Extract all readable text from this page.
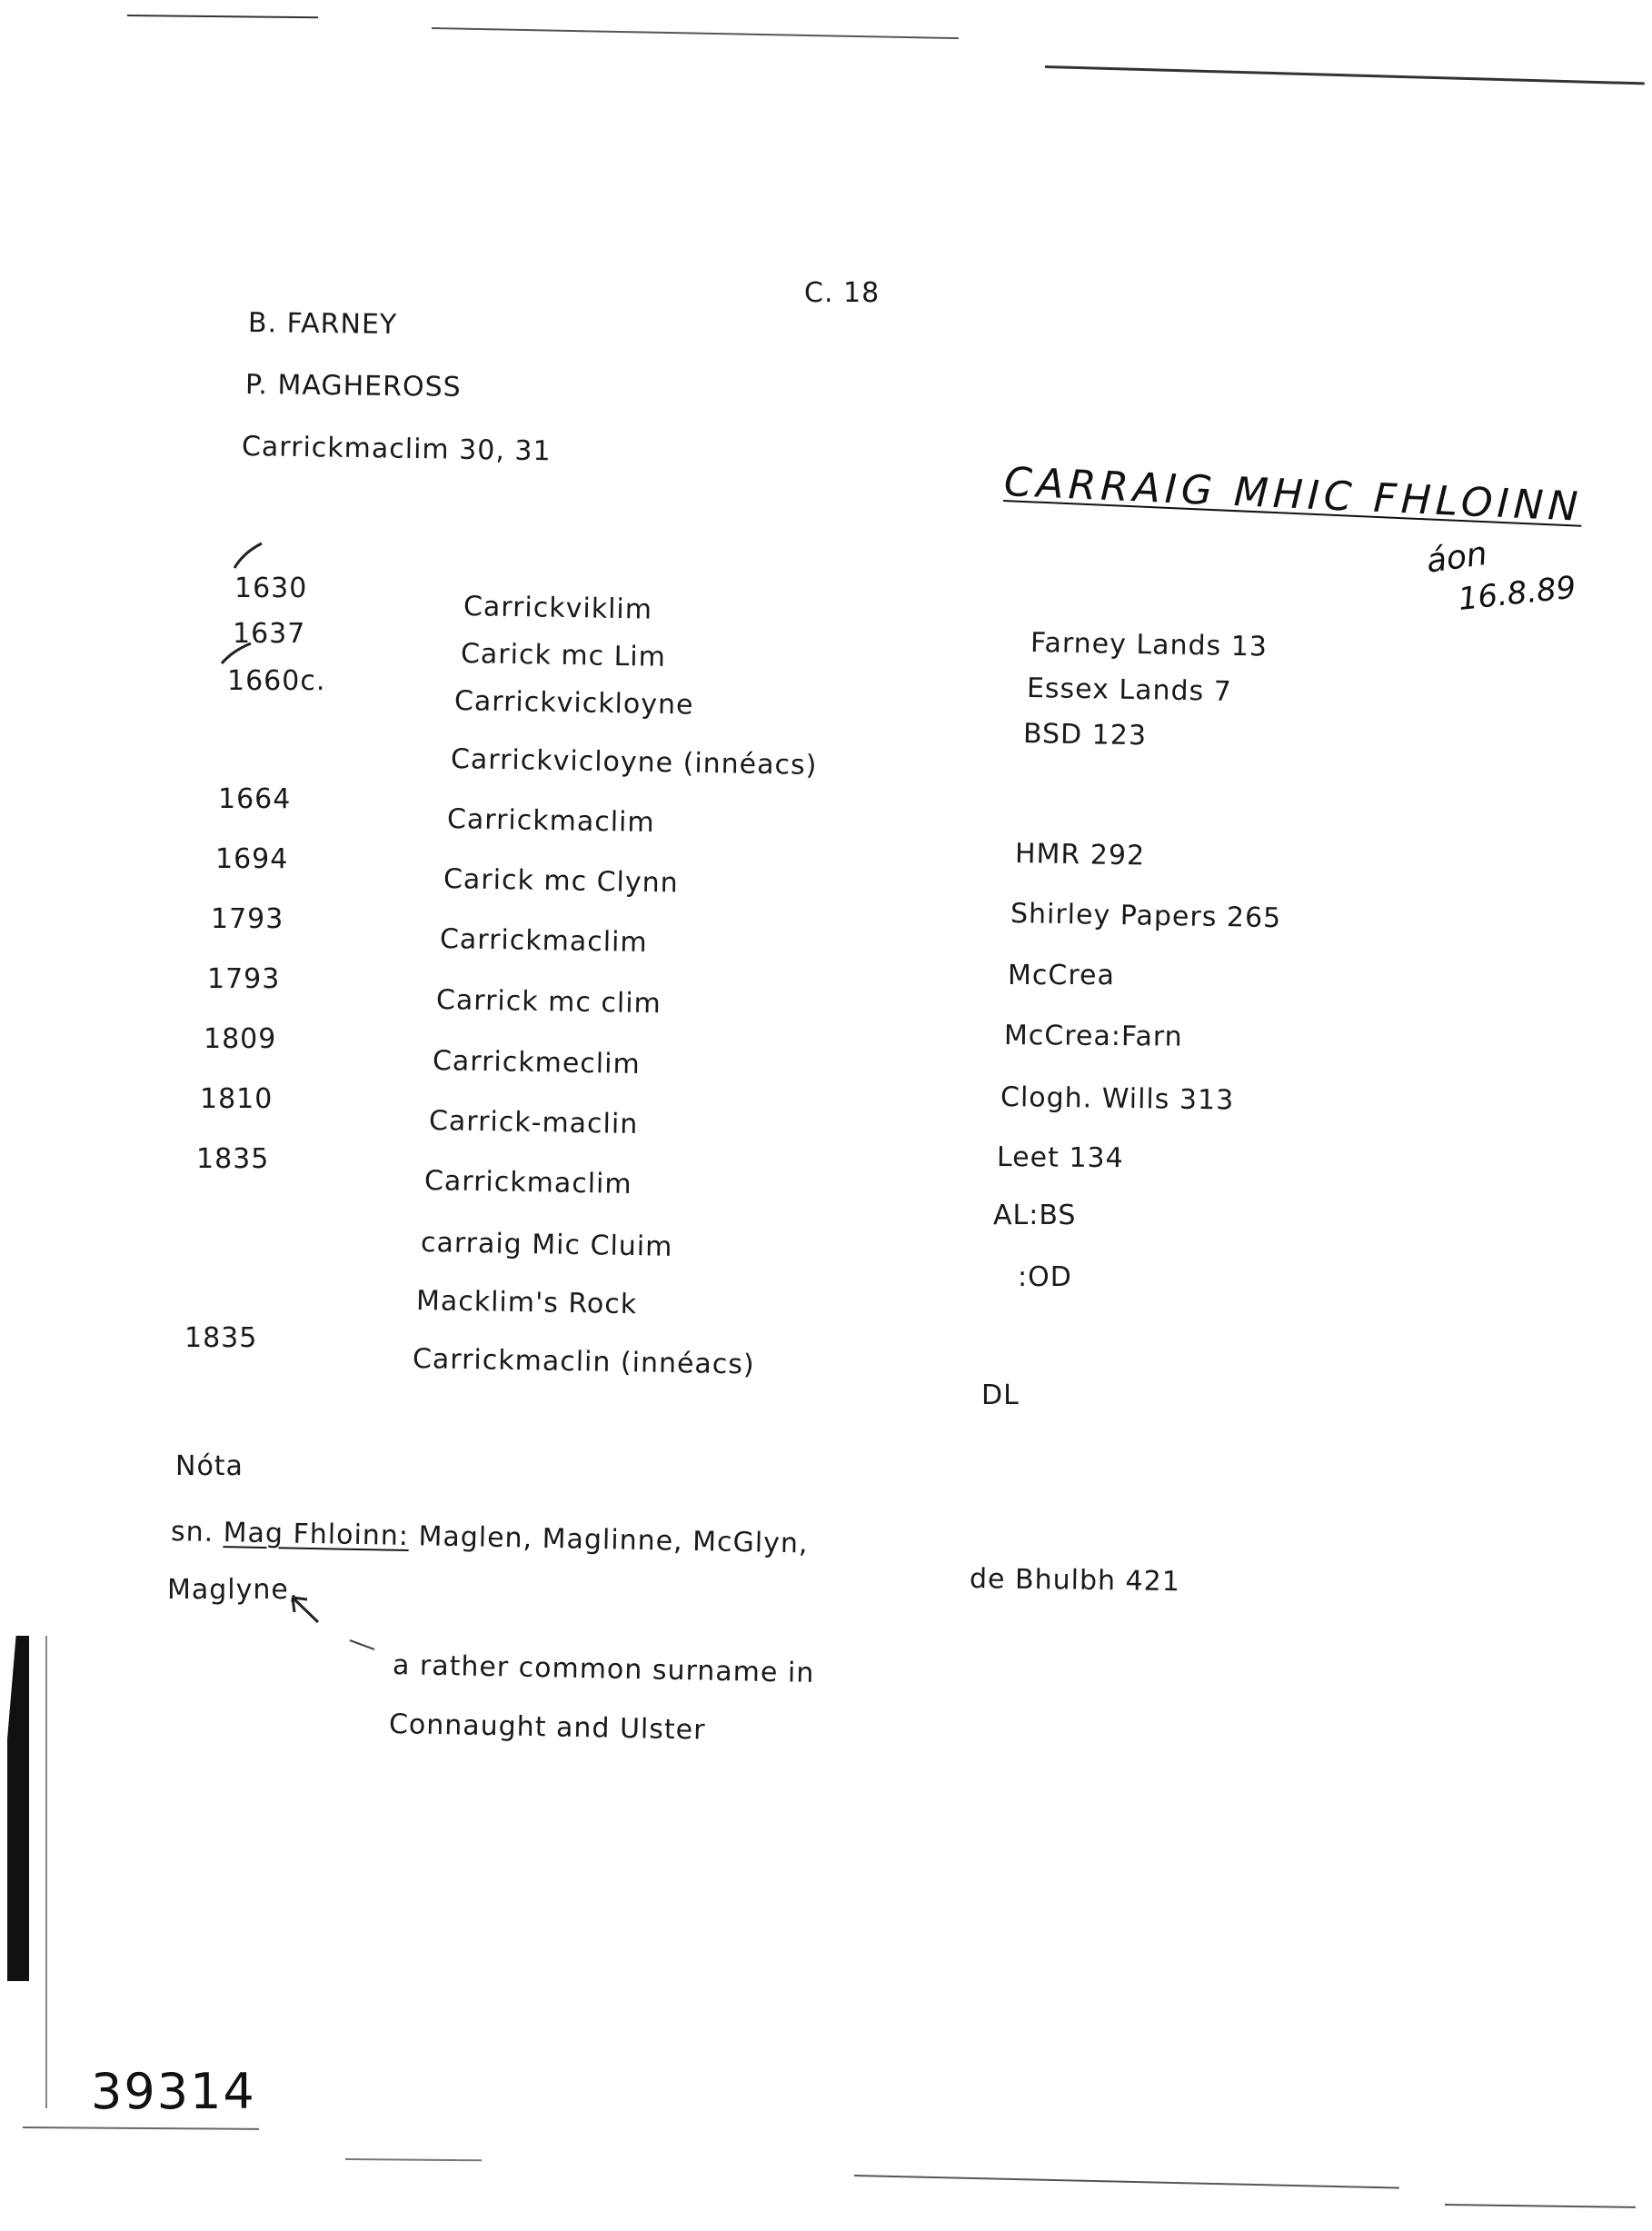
C. 18
B. FARNEY
P. MAGHEROSS
Carrickmaclim 30, 31
CARRAIG MHIC FHLOINN
áon
16.8.89
1630
1637
1660c.
1664
1694
1793
1793
1809
1810
1835
1835
Carrickviklim
Carick mc Lim
Carrickvickloyne
Carrickvicloyne (innéacs)
Carrickmaclim
Carick mc Clynn
Carrickmaclim
Carrick mc clim
Carrickmeclim
Carrick-maclin
Carrickmaclim
carraig Mic Cluim
Macklim's Rock
Carrickmaclin (innéacs)
Farney Lands 13
Essex Lands 7
BSD 123
HMR 292
Shirley Papers 265
McCrea
McCrea:Farn
Clogh. Wills 313
Leet 134
AL:BS
:OD
DL
Nóta
sn. Mag Fhloinn: Maglen, Maglinne, McGlyn,
Maglyne,
a rather common surname in
Connaught and Ulster
de Bhulbh 421
39314
